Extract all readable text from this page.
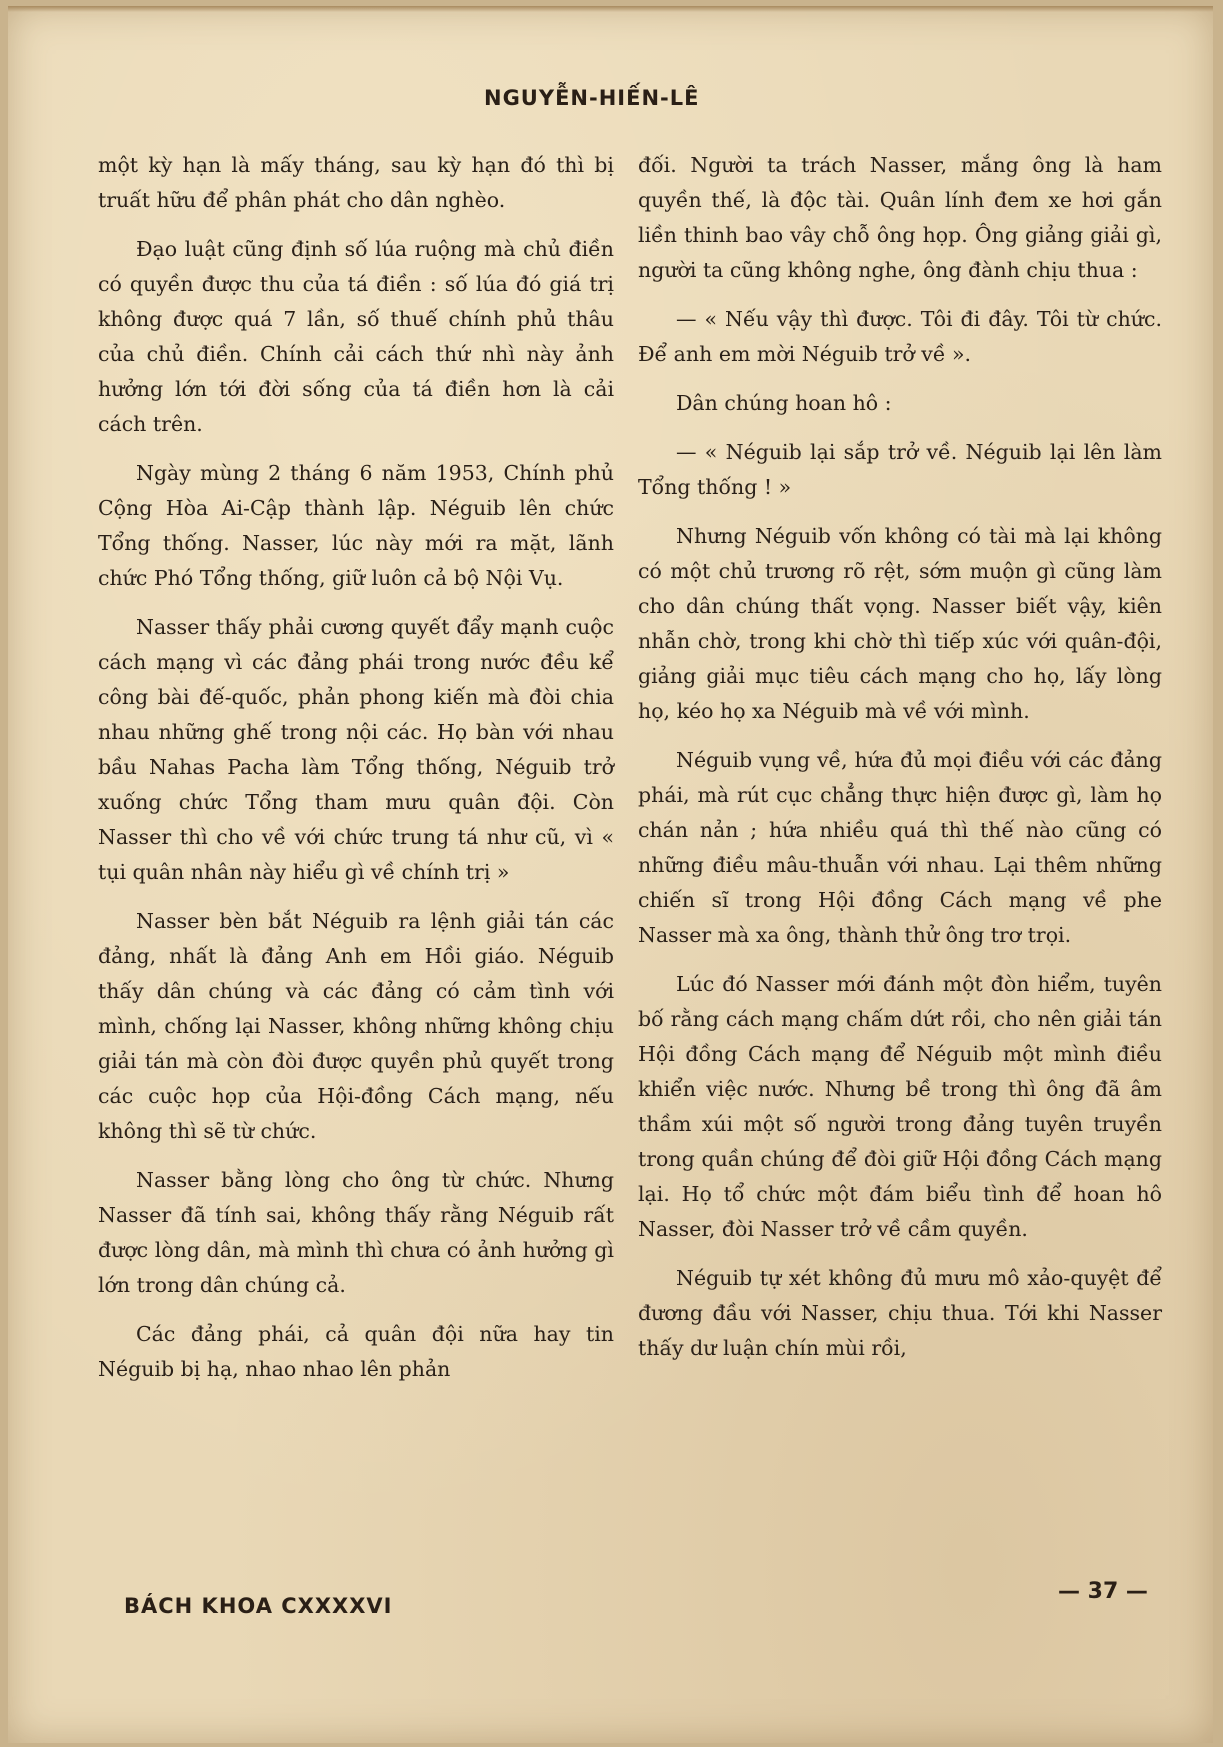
NGUYỄN-HIẾN-LÊ

một kỳ hạn là mấy tháng, sau kỳ hạn đó thì bị truất hữu để phân phát cho dân nghèo.

Đạo luật cũng định số lúa ruộng mà chủ điền có quyền được thu của tá điền : số lúa đó giá trị không được quá 7 lần, số thuế chính phủ thâu của chủ điền. Chính cải cách thứ nhì này ảnh hưởng lớn tới đời sống của tá điền hơn là cải cách trên.

Ngày mùng 2 tháng 6 năm 1953, Chính phủ Cộng Hòa Ai-Cập thành lập. Néguib lên chức Tổng thống. Nasser, lúc này mới ra mặt, lãnh chức Phó Tổng thống, giữ luôn cả bộ Nội Vụ.

Nasser thấy phải cương quyết đẩy mạnh cuộc cách mạng vì các đảng phái trong nước đều kể công bài đế-quốc, phản phong kiến mà đòi chia nhau những ghế trong nội các. Họ bàn với nhau bầu Nahas Pacha làm Tổng thống, Néguib trở xuống chức Tổng tham mưu quân đội. Còn Nasser thì cho về với chức trung tá như cũ, vì « tụi quân nhân này hiểu gì về chính trị »

Nasser bèn bắt Néguib ra lệnh giải tán các đảng, nhất là đảng Anh em Hồi giáo. Néguib thấy dân chúng và các đảng có cảm tình với mình, chống lại Nasser, không những không chịu giải tán mà còn đòi được quyền phủ quyết trong các cuộc họp của Hội-đồng Cách mạng, nếu không thì sẽ từ chức.

Nasser bằng lòng cho ông từ chức. Nhưng Nasser đã tính sai, không thấy rằng Néguib rất được lòng dân, mà mình thì chưa có ảnh hưởng gì lớn trong dân chúng cả.

Các đảng phái, cả quân đội nữa hay tin Néguib bị hạ, nhao nhao lên phản

đối. Người ta trách Nasser, mắng ông là ham quyền thế, là độc tài. Quân lính đem xe hơi gắn liền thinh bao vây chỗ ông họp. Ông giảng giải gì, người ta cũng không nghe, ông đành chịu thua :

— « Nếu vậy thì được. Tôi đi đây. Tôi từ chức. Để anh em mời Néguib trở về ».

Dân chúng hoan hô :

— « Néguib lại sắp trở về. Néguib lại lên làm Tổng thống ! »

Nhưng Néguib vốn không có tài mà lại không có một chủ trương rõ rệt, sớm muộn gì cũng làm cho dân chúng thất vọng. Nasser biết vậy, kiên nhẫn chờ, trong khi chờ thì tiếp xúc với quân-đội, giảng giải mục tiêu cách mạng cho họ, lấy lòng họ, kéo họ xa Néguib mà về với mình.

Néguib vụng về, hứa đủ mọi điều với các đảng phái, mà rút cục chẳng thực hiện được gì, làm họ chán nản ; hứa nhiều quá thì thế nào cũng có những điều mâu-thuẫn với nhau. Lại thêm những chiến sĩ trong Hội đồng Cách mạng về phe Nasser mà xa ông, thành thử ông trơ trọi.

Lúc đó Nasser mới đánh một đòn hiểm, tuyên bố rằng cách mạng chấm dứt rồi, cho nên giải tán Hội đồng Cách mạng để Néguib một mình điều khiển việc nước. Nhưng bề trong thì ông đã âm thầm xúi một số người trong đảng tuyên truyền trong quần chúng để đòi giữ Hội đồng Cách mạng lại. Họ tổ chức một đám biểu tình để hoan hô Nasser, đòi Nasser trở về cầm quyền.

Néguib tự xét không đủ mưu mô xảo-quyệt để đương đầu với Nasser, chịu thua. Tới khi Nasser thấy dư luận chín mùi rồi,

BÁCH KHOA CXXXXVI
— 37 —
